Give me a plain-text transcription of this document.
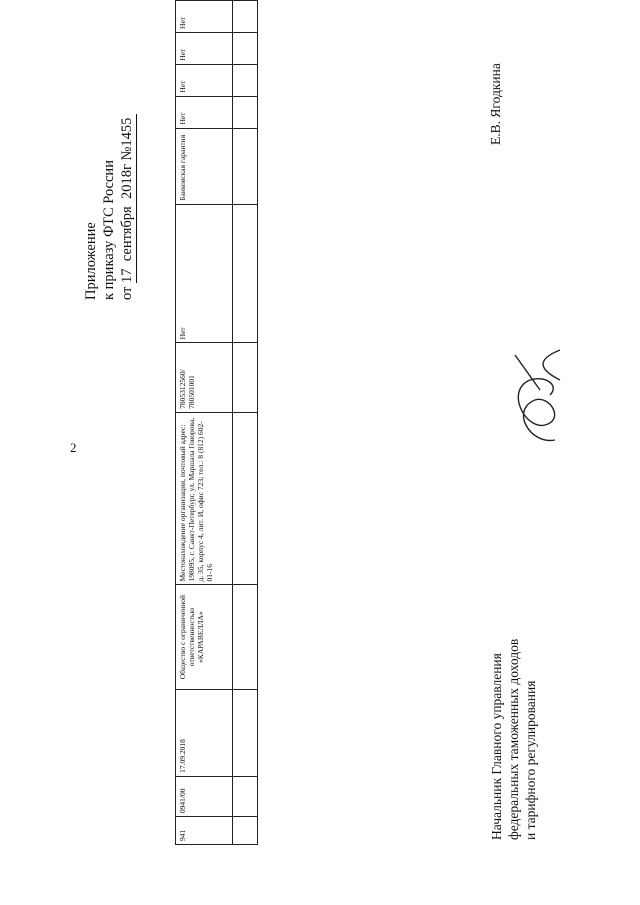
2
Приложение к приказу ФТС России от 17  сентября  2018г №1455
941	0941/00	17.09.2018	Общество с ограниченной ответственностью «КАРАВЕЛЛА»	Местонахождение организации, почтовый адрес: 198095, г. Санкт-Петербург, ул. Маршала Говорова, д. 35, корпус 4, лит. И, офис 723; тел.: 8 (812) 602-01-16	7805312560/ 780501001	Нет	Банковская гарантия	Нет	Нет	Нет	Нет

Начальник Главного управления федеральных таможенных доходов и тарифного регулирования
Е.В. Ягодкина
